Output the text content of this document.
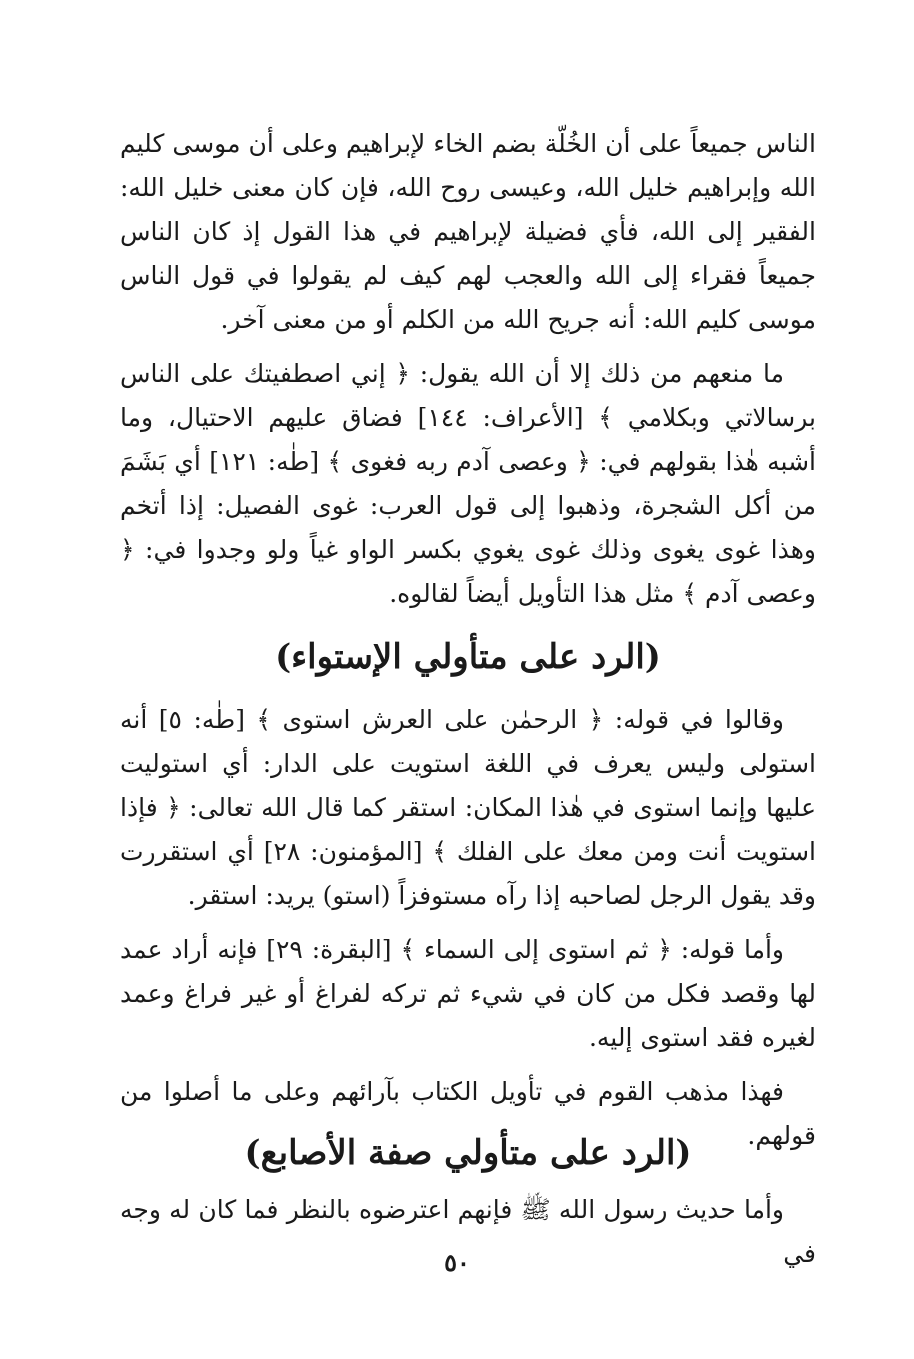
الناس جميعاً على أن الخُلّة بضم الخاء لإبراهيم وعلى أن موسى كليم الله وإبراهيم خليل الله، وعيسى روح الله، فإن كان معنى خليل الله: الفقير إلى الله، فأي فضيلة لإبراهيم في هذا القول إذ كان الناس جميعاً فقراء إلى الله والعجب لهم كيف لم يقولوا في قول الناس موسى كليم الله: أنه جريح الله من الكلم أو من معنى آخر.

ما منعهم من ذلك إلا أن الله يقول: ﴿ إني اصطفيتك على الناس برسالاتي وبكلامي ﴾ [الأعراف: ١٤٤] فضاق عليهم الاحتيال، وما أشبه هٰذا بقولهم في: ﴿ وعصى آدم ربه فغوى ﴾ [طٰه: ١٢١] أي بَشَمَ من أكل الشجرة، وذهبوا إلى قول العرب: غوى الفصيل: إذا أتخم وهذا غوى يغوى وذلك غوى يغوي بكسر الواو غياً ولو وجدوا في: ﴿ وعصى آدم ﴾ مثل هذا التأويل أيضاً لقالوه.

(الرد على متأولي الإستواء)

وقالوا في قوله: ﴿ الرحمٰن على العرش استوى ﴾ [طٰه: ٥] أنه استولى وليس يعرف في اللغة استويت على الدار: أي استوليت عليها وإنما استوى في هٰذا المكان: استقر كما قال الله تعالى: ﴿ فإذا استويت أنت ومن معك على الفلك ﴾ [المؤمنون: ٢٨] أي استقررت وقد يقول الرجل لصاحبه إذا رآه مستوفزاً (استو) يريد: استقر.

وأما قوله: ﴿ ثم استوى إلى السماء ﴾ [البقرة: ٢٩] فإنه أراد عمد لها وقصد فكل من كان في شيء ثم تركه لفراغ أو غير فراغ وعمد لغيره فقد استوى إليه.

فهذا مذهب القوم في تأويل الكتاب بآرائهم وعلى ما أصلوا من قولهم.

(الرد على متأولي صفة الأصابع)

وأما حديث رسول الله ﷺ فإنهم اعترضوه بالنظر فما كان له وجه في

٥٠
